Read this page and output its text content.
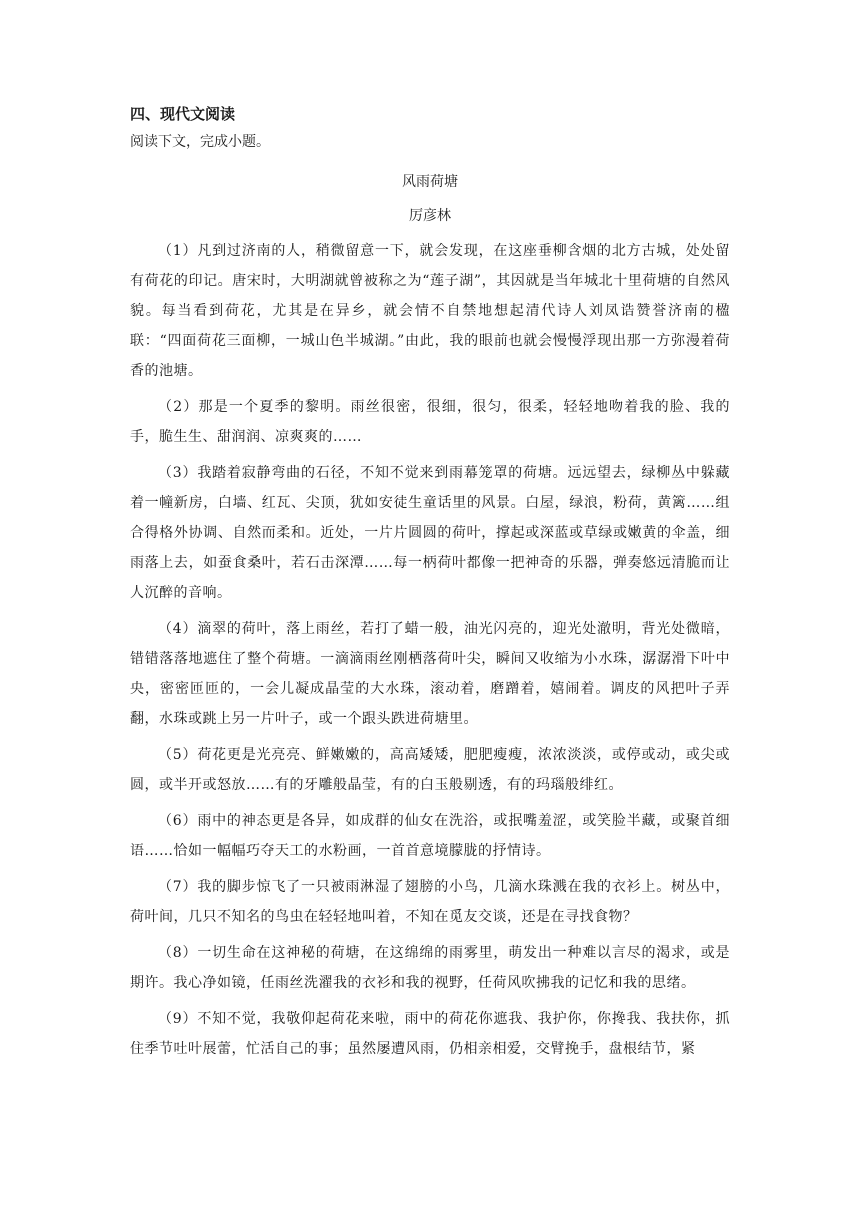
四、现代文阅读

阅读下文，完成小题。

风雨荷塘

厉彦林

（1）凡到过济南的人，稍微留意一下，就会发现，在这座垂柳含烟的北方古城，处处留有荷花的印记。唐宋时，大明湖就曾被称之为“莲子湖”，其因就是当年城北十里荷塘的自然风貌。每当看到荷花，尤其是在异乡，就会情不自禁地想起清代诗人刘凤诰赞誉济南的楹联：“四面荷花三面柳，一城山色半城湖。”由此，我的眼前也就会慢慢浮现出那一方弥漫着荷香的池塘。

（2）那是一个夏季的黎明。雨丝很密，很细，很匀，很柔，轻轻地吻着我的脸、我的手，脆生生、甜润润、凉爽爽的……

（3）我踏着寂静弯曲的石径，不知不觉来到雨幕笼罩的荷塘。远远望去，绿柳丛中躲藏着一幢新房，白墙、红瓦、尖顶，犹如安徒生童话里的风景。白屋，绿浪，粉荷，黄篱……组合得格外协调、自然而柔和。近处，一片片圆圆的荷叶，撑起或深蓝或草绿或嫩黄的伞盖，细雨落上去，如蚕食桑叶，若石击深潭……每一柄荷叶都像一把神奇的乐器，弹奏悠远清脆而让人沉醉的音响。

（4）滴翠的荷叶，落上雨丝，若打了蜡一般，油光闪亮的，迎光处澈明，背光处微暗，错错落落地遮住了整个荷塘。一滴滴雨丝刚栖落荷叶尖，瞬间又收缩为小水珠，潺潺滑下叶中央，密密匝匝的，一会儿凝成晶莹的大水珠，滚动着，磨蹭着，嬉闹着。调皮的风把叶子弄翻，水珠或跳上另一片叶子，或一个跟头跌进荷塘里。

（5）荷花更是光亮亮、鲜嫩嫩的，高高矮矮，肥肥瘦瘦，浓浓淡淡，或停或动，或尖或圆，或半开或怒放……有的牙雕般晶莹，有的白玉般剔透，有的玛瑙般绯红。

（6）雨中的神态更是各异，如成群的仙女在洗浴，或抿嘴羞涩，或笑脸半藏，或聚首细语……恰如一幅幅巧夺天工的水粉画，一首首意境朦胧的抒情诗。

（7）我的脚步惊飞了一只被雨淋湿了翅膀的小鸟，几滴水珠溅在我的衣衫上。树丛中，荷叶间，几只不知名的鸟虫在轻轻地叫着，不知在觅友交谈，还是在寻找食物？

（8）一切生命在这神秘的荷塘，在这绵绵的雨雾里，萌发出一种难以言尽的渴求，或是期许。我心净如镜，任雨丝洗濯我的衣衫和我的视野，任荷风吹拂我的记忆和我的思绪。

（9）不知不觉，我敬仰起荷花来啦，雨中的荷花你遮我、我护你，你搀我、我扶你，抓住季节吐叶展蕾，忙活自己的事；虽然屡遭风雨，仍相亲相爱，交臂挽手，盘根结节，紧
